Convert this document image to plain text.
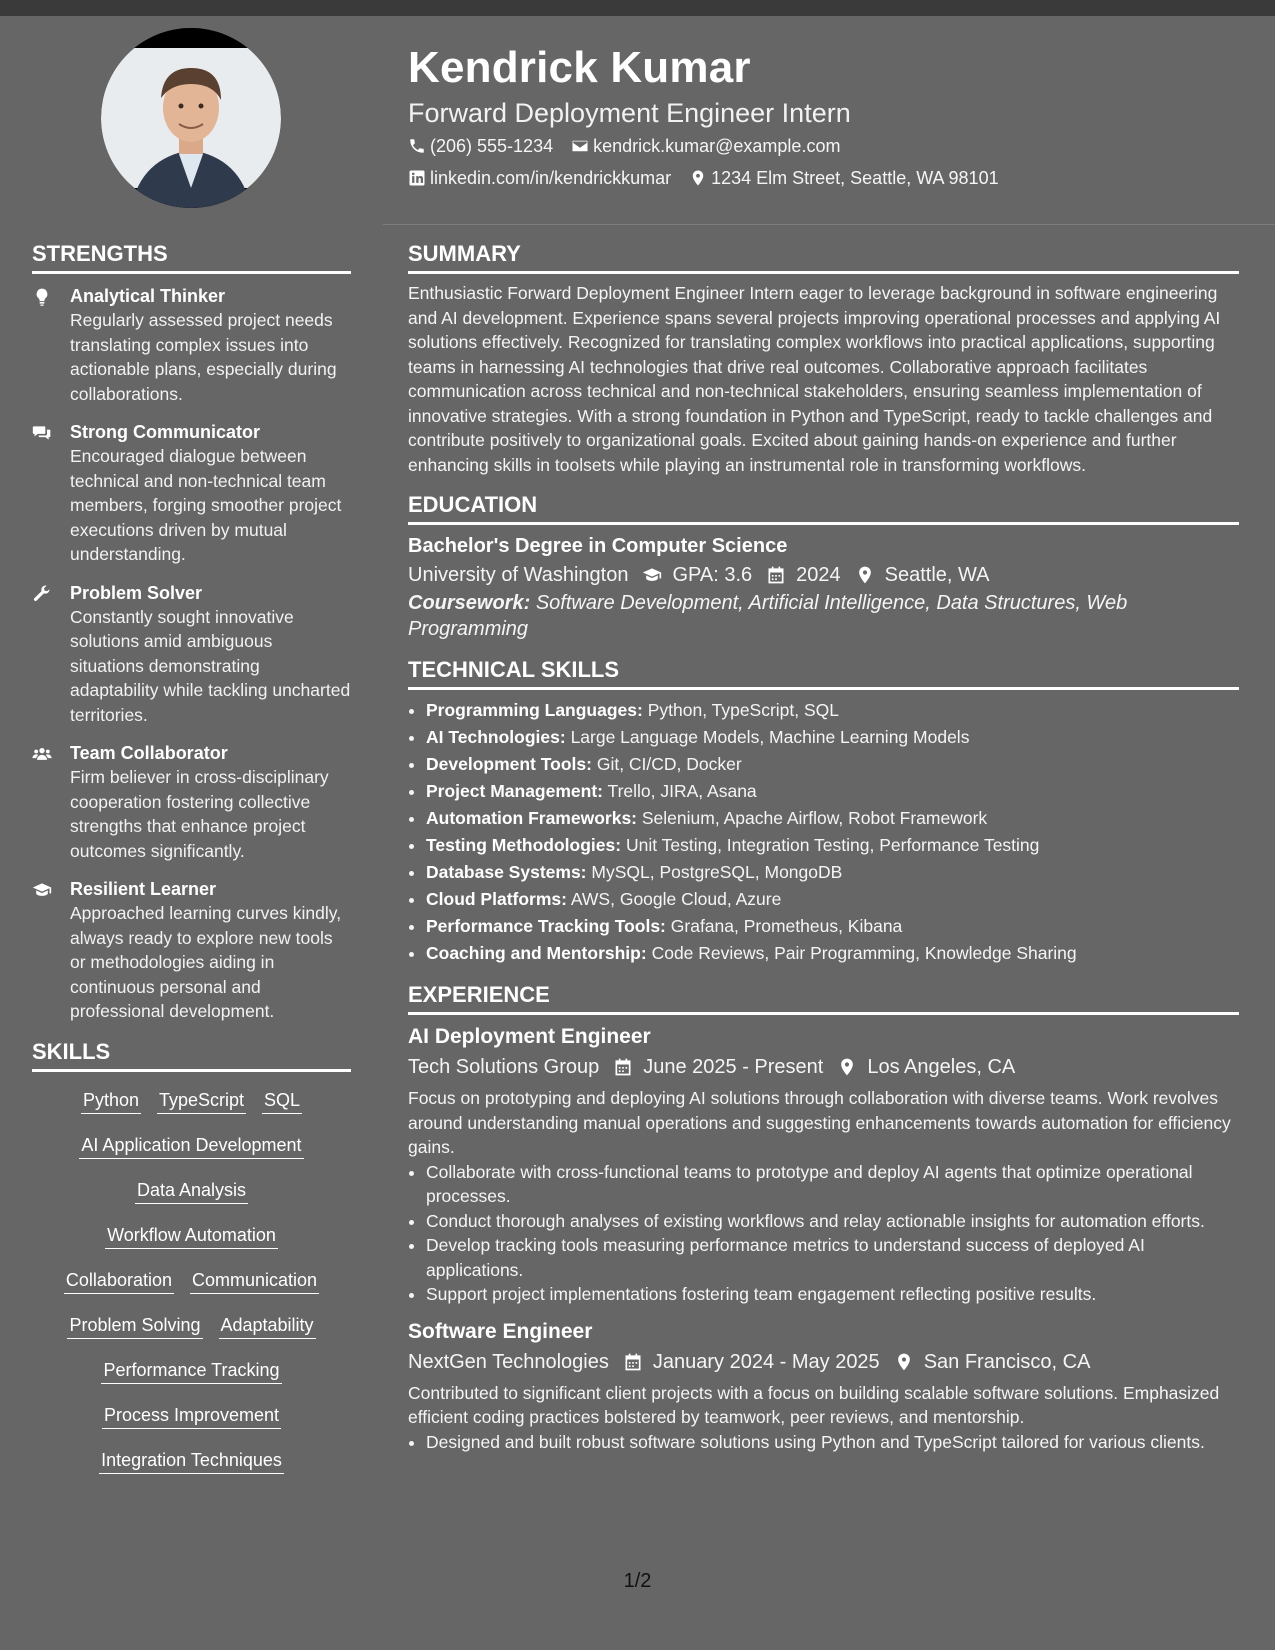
Kendrick Kumar
Forward Deployment Engineer Intern
(206) 555-1234 kendrick.kumar@example.com
linkedin.com/in/kendrickkumar 1234 Elm Street, Seattle, WA 98101
STRENGTHS
Analytical Thinker
Regularly assessed project needs translating complex issues into actionable plans, especially during collaborations.
Strong Communicator
Encouraged dialogue between technical and non-technical team members, forging smoother project executions driven by mutual understanding.
Problem Solver
Constantly sought innovative solutions amid ambiguous situations demonstrating adaptability while tackling uncharted territories.
Team Collaborator
Firm believer in cross-disciplinary cooperation fostering collective strengths that enhance project outcomes significantly.
Resilient Learner
Approached learning curves kindly, always ready to explore new tools or methodologies aiding in continuous personal and professional development.
SKILLS
Python TypeScript SQL
AI Application Development
Data Analysis
Workflow Automation
Collaboration Communication
Problem Solving Adaptability
Performance Tracking
Process Improvement
Integration Techniques
SUMMARY

Enthusiastic Forward Deployment Engineer Intern eager to leverage background in software engineering and AI development. Experience spans several projects improving operational processes and applying AI solutions effectively. Recognized for translating complex workflows into practical applications, supporting teams in harnessing AI technologies that drive real outcomes. Collaborative approach facilitates communication across technical and non-technical stakeholders, ensuring seamless implementation of innovative strategies. With a strong foundation in Python and TypeScript, ready to tackle challenges and contribute positively to organizational goals. Excited about gaining hands-on experience and further enhancing skills in toolsets while playing an instrumental role in transforming workflows.

EDUCATION
Bachelor's Degree in Computer Science
University of Washington GPA: 3.6 2024 Seattle, WA
Coursework: Software Development, Artificial Intelligence, Data Structures, Web Programming
TECHNICAL SKILLS
• Programming Languages: Python, TypeScript, SQL
• AI Technologies: Large Language Models, Machine Learning Models
• Development Tools: Git, CI/CD, Docker
• Project Management: Trello, JIRA, Asana
• Automation Frameworks: Selenium, Apache Airflow, Robot Framework
• Testing Methodologies: Unit Testing, Integration Testing, Performance Testing
• Database Systems: MySQL, PostgreSQL, MongoDB
• Cloud Platforms: AWS, Google Cloud, Azure
• Performance Tracking Tools: Grafana, Prometheus, Kibana
• Coaching and Mentorship: Code Reviews, Pair Programming, Knowledge Sharing
EXPERIENCE
AI Deployment Engineer
Tech Solutions Group June 2025 - Present Los Angeles, CA

Focus on prototyping and deploying AI solutions through collaboration with diverse teams. Work revolves around understanding manual operations and suggesting enhancements towards automation for efficiency gains.

• Collaborate with cross-functional teams to prototype and deploy AI agents that optimize operational processes.
• Conduct thorough analyses of existing workflows and relay actionable insights for automation efforts.
• Develop tracking tools measuring performance metrics to understand success of deployed AI applications.
• Support project implementations fostering team engagement reflecting positive results.
Software Engineer
NextGen Technologies January 2024 - May 2025 San Francisco, CA

Contributed to significant client projects with a focus on building scalable software solutions. Emphasized efficient coding practices bolstered by teamwork, peer reviews, and mentorship.

• Designed and built robust software solutions using Python and TypeScript tailored for various clients.
1/2
